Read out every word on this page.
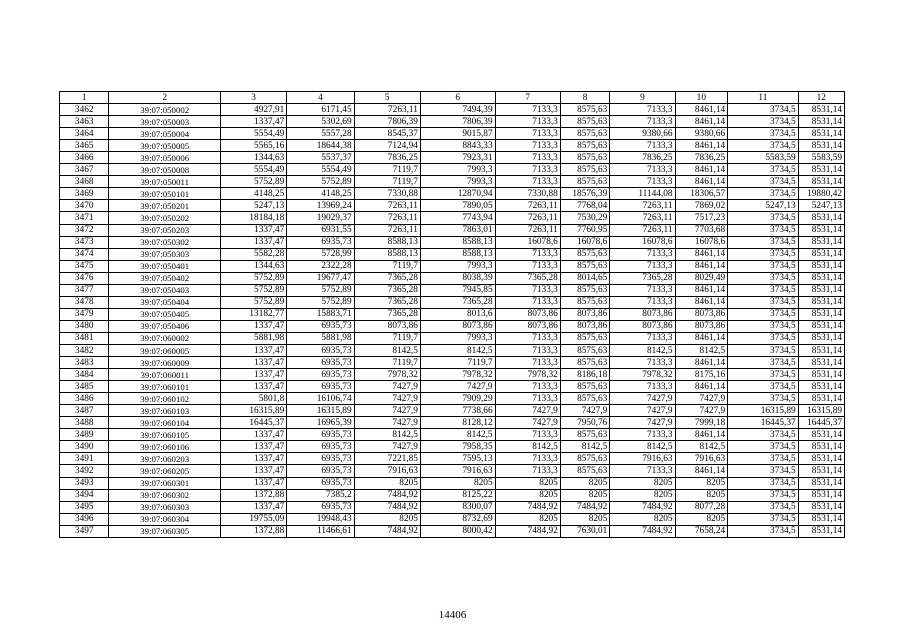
1	2	3	4	5	6	7	8	9	10	11	12
3462	39:07:050002	4927,91	6171,45	7263,11	7494,39	7133,3	8575,63	7133,3	8461,14	3734,5	8531,14
3463	39:07:050003	1337,47	5302,69	7806,39	7806,39	7133,3	8575,63	7133,3	8461,14	3734,5	8531,14
3464	39:07:050004	5554,49	5557,28	8545,37	9015,87	7133,3	8575,63	9380,66	9380,66	3734,5	8531,14
3465	39:07:050005	5565,16	18644,38	7124,94	8843,33	7133,3	8575,63	7133,3	8461,14	3734,5	8531,14
3466	39:07:050006	1344,63	5537,37	7836,25	7923,31	7133,3	8575,63	7836,25	7836,25	5583,59	5583,59
3467	39:07:050008	5554,49	5554,49	7119,7	7993,3	7133,3	8575,63	7133,3	8461,14	3734,5	8531,14
3468	39:07:050011	5752,89	5752,89	7119,7	7993,3	7133,3	8575,63	7133,3	8461,14	3734,5	8531,14
3469	39:07:050101	4148,25	4148,25	7330,88	12870,94	7330,88	18576,39	11144,08	18306,57	3734,5	19880,42
3470	39:07:050201	5247,13	13969,24	7263,11	7890,05	7263,11	7768,04	7263,11	7869,02	5247,13	5247,13
3471	39:07:050202	18184,18	19029,37	7263,11	7743,94	7263,11	7530,29	7263,11	7517,23	3734,5	8531,14
3472	39:07:050203	1337,47	6931,55	7263,11	7863,01	7263,11	7760,95	7263,11	7703,68	3734,5	8531,14
3473	39:07:050302	1337,47	6935,73	8588,13	8588,13	16078,6	16078,6	16078,6	16078,6	3734,5	8531,14
3474	39:07:050303	5582,28	5728,99	8588,13	8588,13	7133,3	8575,63	7133,3	8461,14	3734,5	8531,14
3475	39:07:050401	1344,63	2322,28	7119,7	7993,3	7133,3	8575,63	7133,3	8461,14	3734,5	8531,14
3476	39:07:050402	5752,89	19677,47	7365,28	8038,39	7365,28	8014,65	7365,28	8029,49	3734,5	8531,14
3477	39:07:050403	5752,89	5752,89	7365,28	7945,85	7133,3	8575,63	7133,3	8461,14	3734,5	8531,14
3478	39:07:050404	5752,89	5752,89	7365,28	7365,28	7133,3	8575,63	7133,3	8461,14	3734,5	8531,14
3479	39:07:050405	13182,77	15883,71	7365,28	8013,6	8073,86	8073,86	8073,86	8073,86	3734,5	8531,14
3480	39:07:050406	1337,47	6935,73	8073,86	8073,86	8073,86	8073,86	8073,86	8073,86	3734,5	8531,14
3481	39:07:060002	5881,98	5881,98	7119,7	7993,3	7133,3	8575,63	7133,3	8461,14	3734,5	8531,14
3482	39:07:060005	1337,47	6935,73	8142,5	8142,5	7133,3	8575,63	8142,5	8142,5	3734,5	8531,14
3483	39:07:060009	1337,47	6935,73	7119,7	7119,7	7133,3	8575,63	7133,3	8461,14	3734,5	8531,14
3484	39:07:060011	1337,47	6935,73	7978,32	7978,32	7978,32	8186,18	7978,32	8175,16	3734,5	8531,14
3485	39:07:060101	1337,47	6935,73	7427,9	7427,9	7133,3	8575,63	7133,3	8461,14	3734,5	8531,14
3486	39:07:060102	5801,8	16106,74	7427,9	7909,29	7133,3	8575,63	7427,9	7427,9	3734,5	8531,14
3487	39:07:060103	16315,89	16315,89	7427,9	7738,66	7427,9	7427,9	7427,9	7427,9	16315,89	16315,89
3488	39:07:060104	16445,37	16965,39	7427,9	8128,12	7427,9	7950,76	7427,9	7999,18	16445,37	16445,37
3489	39:07:060105	1337,47	6935,73	8142,5	8142,5	7133,3	8575,63	7133,3	8461,14	3734,5	8531,14
3490	39:07:060106	1337,47	6935,73	7427,9	7958,35	8142,5	8142,5	8142,5	8142,5	3734,5	8531,14
3491	39:07:060203	1337,47	6935,73	7221,85	7595,13	7133,3	8575,63	7916,63	7916,63	3734,5	8531,14
3492	39:07:060205	1337,47	6935,73	7916,63	7916,63	7133,3	8575,63	7133,3	8461,14	3734,5	8531,14
3493	39:07:060301	1337,47	6935,73	8205	8205	8205	8205	8205	8205	3734,5	8531,14
3494	39:07:060302	1372,88	7385,2	7484,92	8125,22	8205	8205	8205	8205	3734,5	8531,14
3495	39:07:060303	1337,47	6935,73	7484,92	8300,07	7484,92	7484,92	7484,92	8077,28	3734,5	8531,14
3496	39:07:060304	19755,09	19948,43	8205	8732,69	8205	8205	8205	8205	3734,5	8531,14
3497	39:07:060305	1372,88	11466,61	7484,92	8000,42	7484,92	7630,01	7484,92	7658,24	3734,5	8531,14
14406
